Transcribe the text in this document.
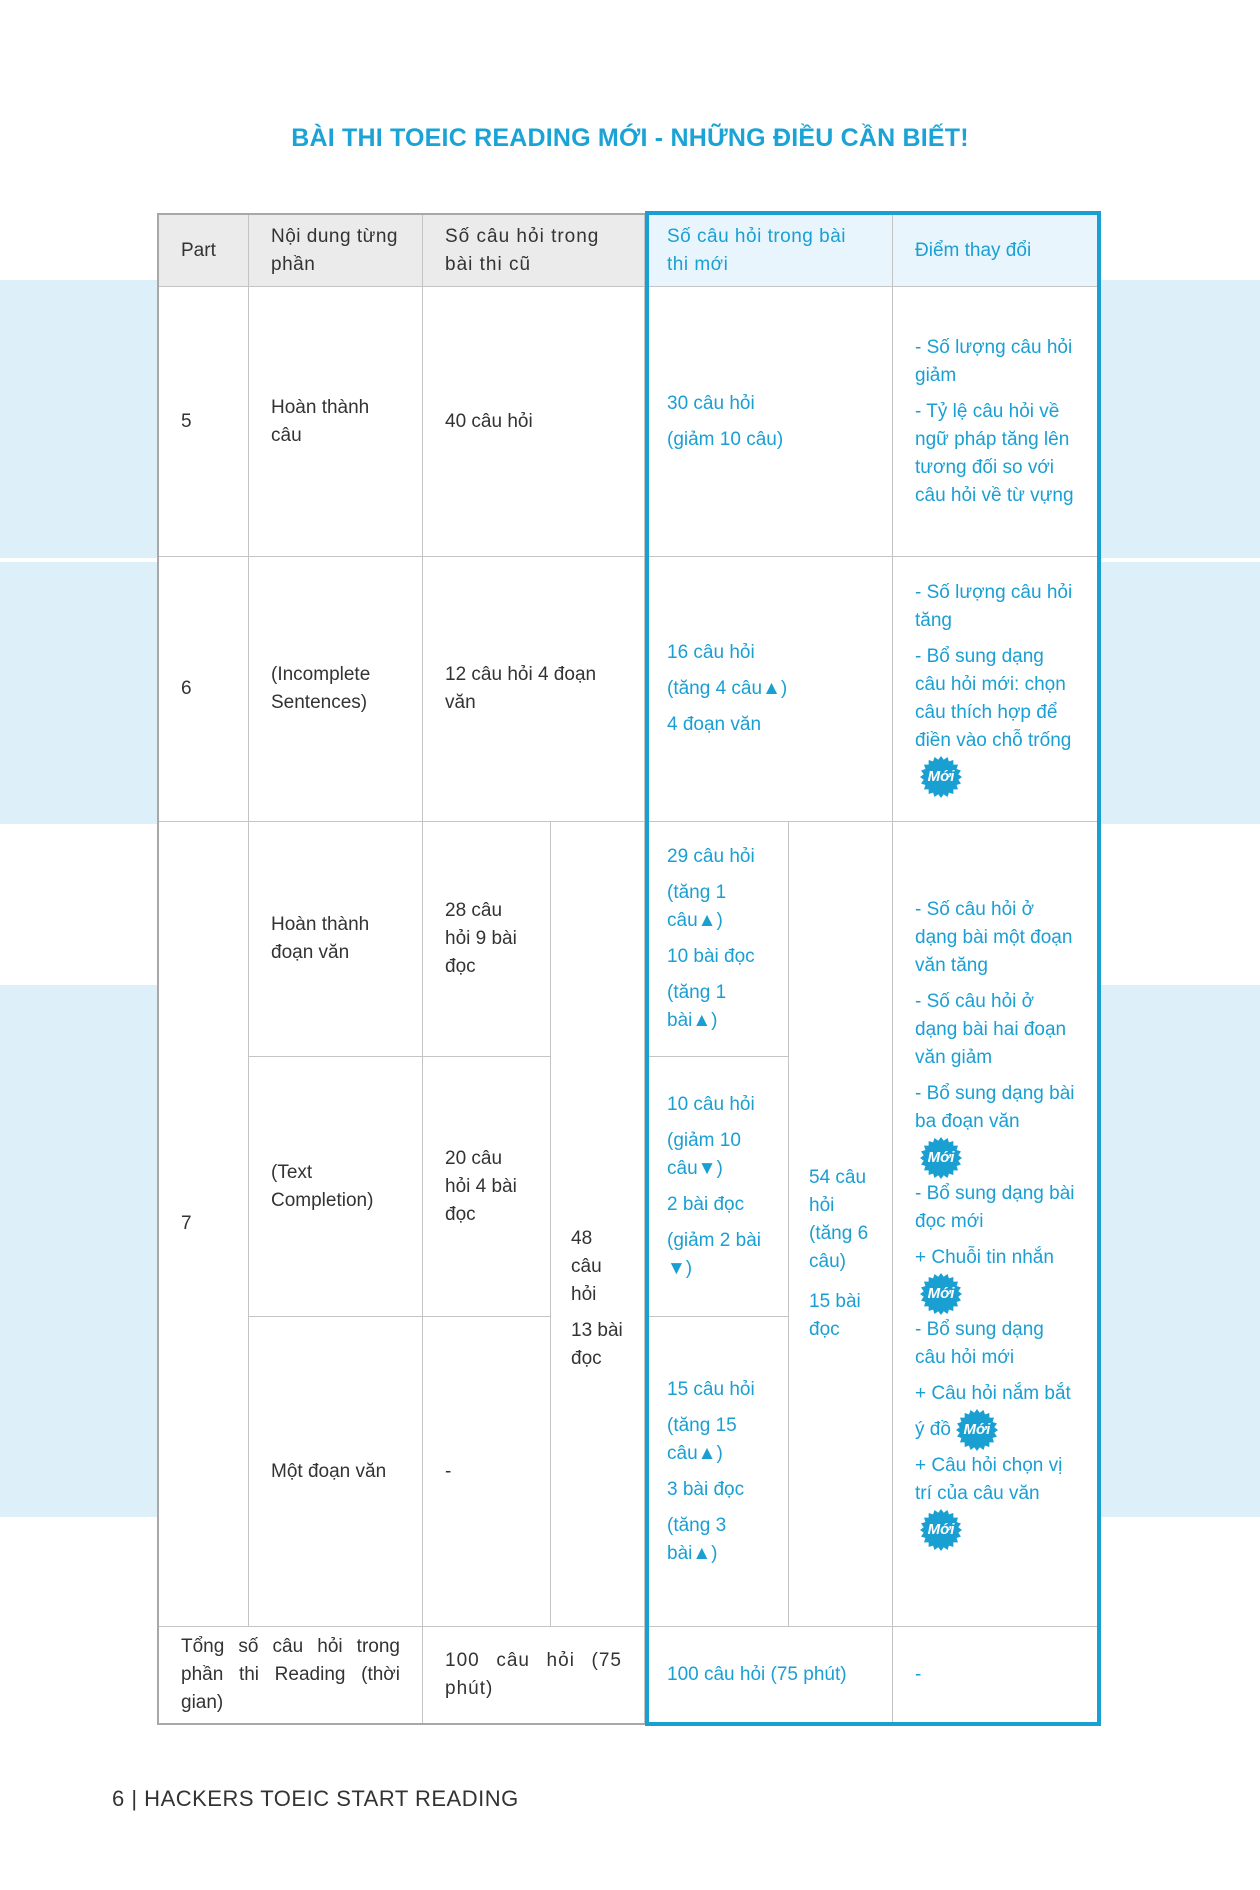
BÀI THI TOEIC READING MỚI - NHỮNG ĐIỀU CẦN BIẾT!

Part

Nội dung từng phần

Số câu hỏi trong bài thi cũ

Số câu hỏi trong bài thi mới

Điểm thay đổi

5

Hoàn thành câu

40 câu hỏi

30 câu hỏi

(giảm 10 câu)

- Số lượng câu hỏi giảm

- Tỷ lệ câu hỏi về ngữ pháp tăng lên tương đối so với câu hỏi về từ vựng

6

(Incomplete Sentences)

12 câu hỏi 4 đoạn văn

16 câu hỏi

(tăng 4 câu▲)

4 đoạn văn

- Số lượng câu hỏi tăng

- Bổ sung dạng câu hỏi mới: chọn câu thích hợp để điền vào chỗ trống
Mới

7

Hoàn thành đoạn văn

(Text Completion)

Một đoạn văn

28 câu hỏi 9 bài đọc

20 câu hỏi 4 bài đọc

-

48 câu hỏi

13 bài đọc

29 câu hỏi

(tăng 1 câu▲)

10 bài đọc

(tăng 1 bài▲)

10 câu hỏi

(giảm 10 câu▼)

2 bài đọc

(giảm 2 bài ▼)

15 câu hỏi

(tăng 15 câu▲)

3 bài đọc

(tăng 3 bài▲)

54 câu hỏi (tăng 6 câu)

15 bài đọc

- Số câu hỏi ở dạng bài một đoạn văn tăng

- Số câu hỏi ở dạng bài hai đoạn văn giảm

- Bổ sung dạng bài ba đoạn văn

Mới

- Bổ sung dạng bài đọc mới

+ Chuỗi tin nhắn

Mới

- Bổ sung dạng câu hỏi mới

+ Câu hỏi nắm bắt ý đồ Mới

+ Câu hỏi chọn vị trí của câu văn

Mới

Tổng số câu hỏi trong phần thi Reading (thời gian)

100 câu hỏi (75 phút)

100 câu hỏi (75 phút)	-

6 | HACKERS TOEIC START READING
